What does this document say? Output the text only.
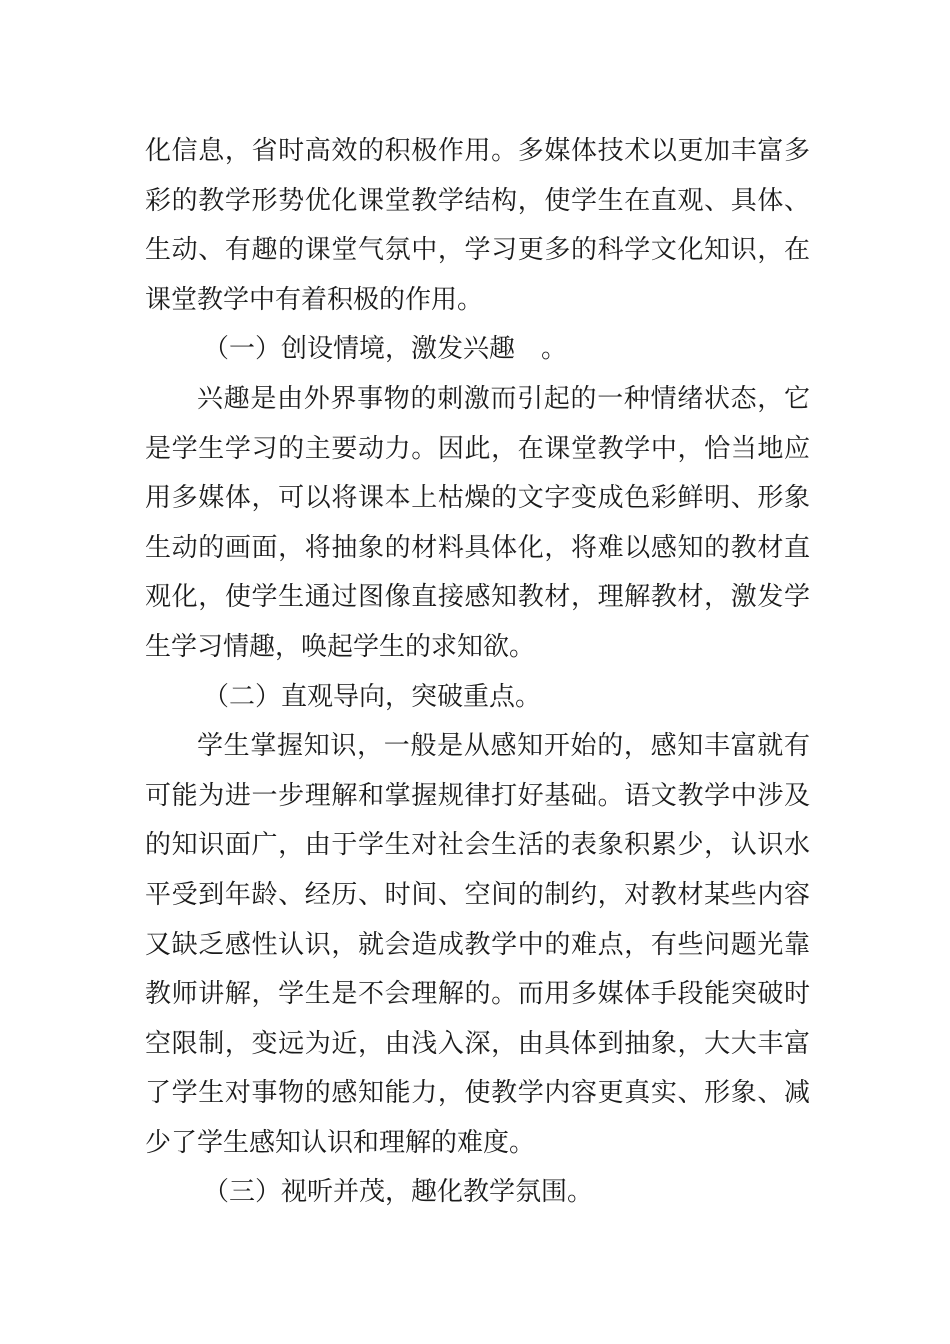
化信息，省时高效的积极作用。多媒体技术以更加丰富多彩的教学形势优化课堂教学结构，使学生在直观、具体、生动、有趣的课堂气氛中，学习更多的科学文化知识，在课堂教学中有着积极的作用。

（一）创设情境，激发兴趣　。

兴趣是由外界事物的刺激而引起的一种情绪状态，它是学生学习的主要动力。因此，在课堂教学中，恰当地应用多媒体，可以将课本上枯燥的文字变成色彩鲜明、形象生动的画面，将抽象的材料具体化，将难以感知的教材直观化，使学生通过图像直接感知教材，理解教材，激发学生学习情趣，唤起学生的求知欲。

（二）直观导向，突破重点。

学生掌握知识，一般是从感知开始的，感知丰富就有可能为进一步理解和掌握规律打好基础。语文教学中涉及的知识面广，由于学生对社会生活的表象积累少，认识水平受到年龄、经历、时间、空间的制约，对教材某些内容又缺乏感性认识，就会造成教学中的难点，有些问题光靠教师讲解，学生是不会理解的。而用多媒体手段能突破时空限制，变远为近，由浅入深，由具体到抽象，大大丰富了学生对事物的感知能力，使教学内容更真实、形象、减少了学生感知认识和理解的难度。

（三）视听并茂，趣化教学氛围。
